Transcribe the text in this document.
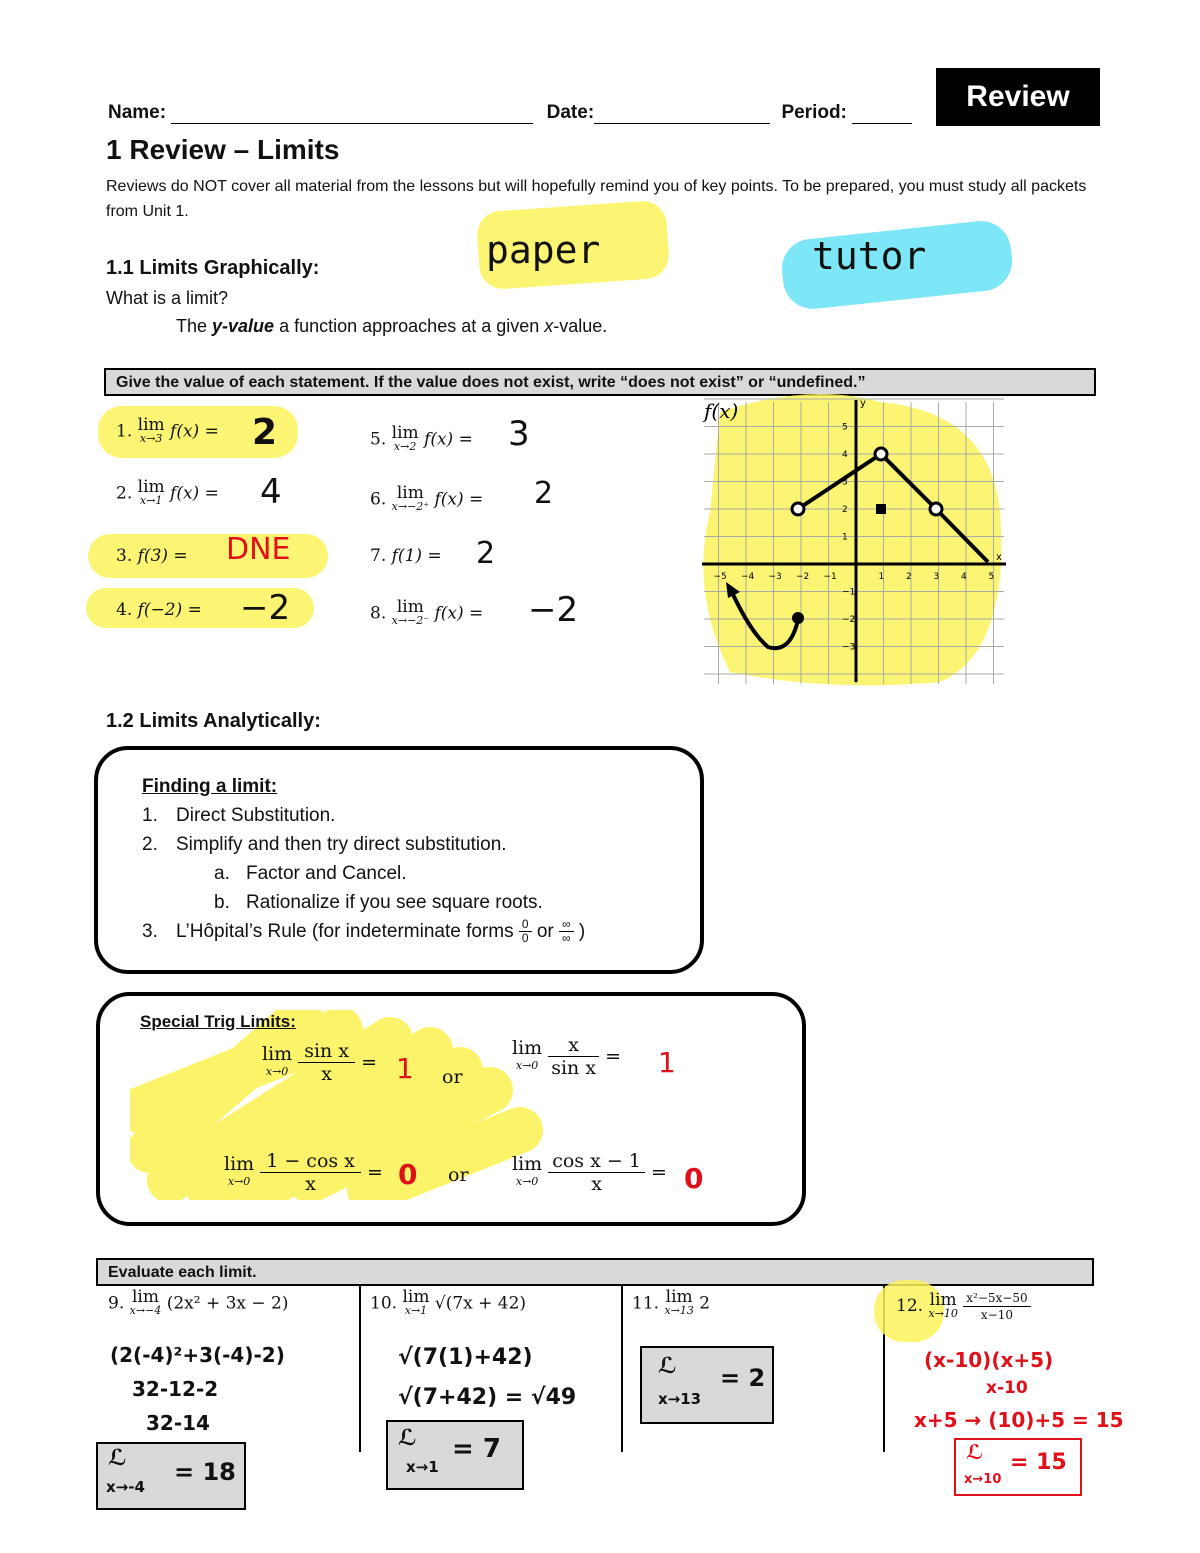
Name:	Date:	Period:	Review
1 Review – Limits
Reviews do NOT cover all material from the lessons but will hopefully remind you of key points. To be prepared, you must study all packets from Unit 1.
paper	tutor
1.1 Limits Graphically:
What is a limit?
The y-value a function approaches at a given x-value.
Give the value of each statement. If the value does not exist, write “does not exist” or “undefined.”
1. lim
x→3 f(x) = 2
2. lim
x→1 f(x) = 4
3. f(3) = DNE
4. f(−2) = −2
5. lim
x→2 f(x) = 3
6. lim
x→−2⁺ f(x) = 2
7. f(1) = 2
8. lim
x→−2⁻ f(x) = −2
−5 −4 −3 −2 −1	1 2 3 4 5
5
4
3
2
1
−1
−2
−3
f(x)	y
x
1.2 Limits Analytically:
Finding a limit:
1. Direct Substitution.
2. Simplify and then try direct substitution.
a. Factor and Cancel.
b. Rationalize if you see square roots.
3. L’Hôpital’s Rule (for indeterminate forms $\frac{0}{0}$ or $\frac{\infty}{\infty}$ )
Special Trig Limits:
lim
x→0
$\frac{\text{sin x}}{x} = 1$ or
lim
x→0
$\frac{x}{\text{sin x}} = 1$
lim
x→0
$\frac{\text{1 − cos x}}{x} = 0$ or
lim
x→0
$\frac{\text{cos x − 1}}{x} = 0$
Evaluate each limit.
9. lim
x→−4 (2x² + 3x − 2)
(2(-4)²+3(-4)-2)
32-12-2
32-14
ℒ
x→-4
= 18
10. lim
x→1 √(7x + 42)
√(7(1)+42)
√(7+42) = √49
ℒ
x→1
= 7
11. lim
x→13 2
ℒ
x→13
= 2
12. lim
x→10
$\frac{\text{x²−5x−50}}{x-10}$
(x-10)(x+5)
x-10
x+5 → (10)+5 = 15
ℒ
x→10
= 15
